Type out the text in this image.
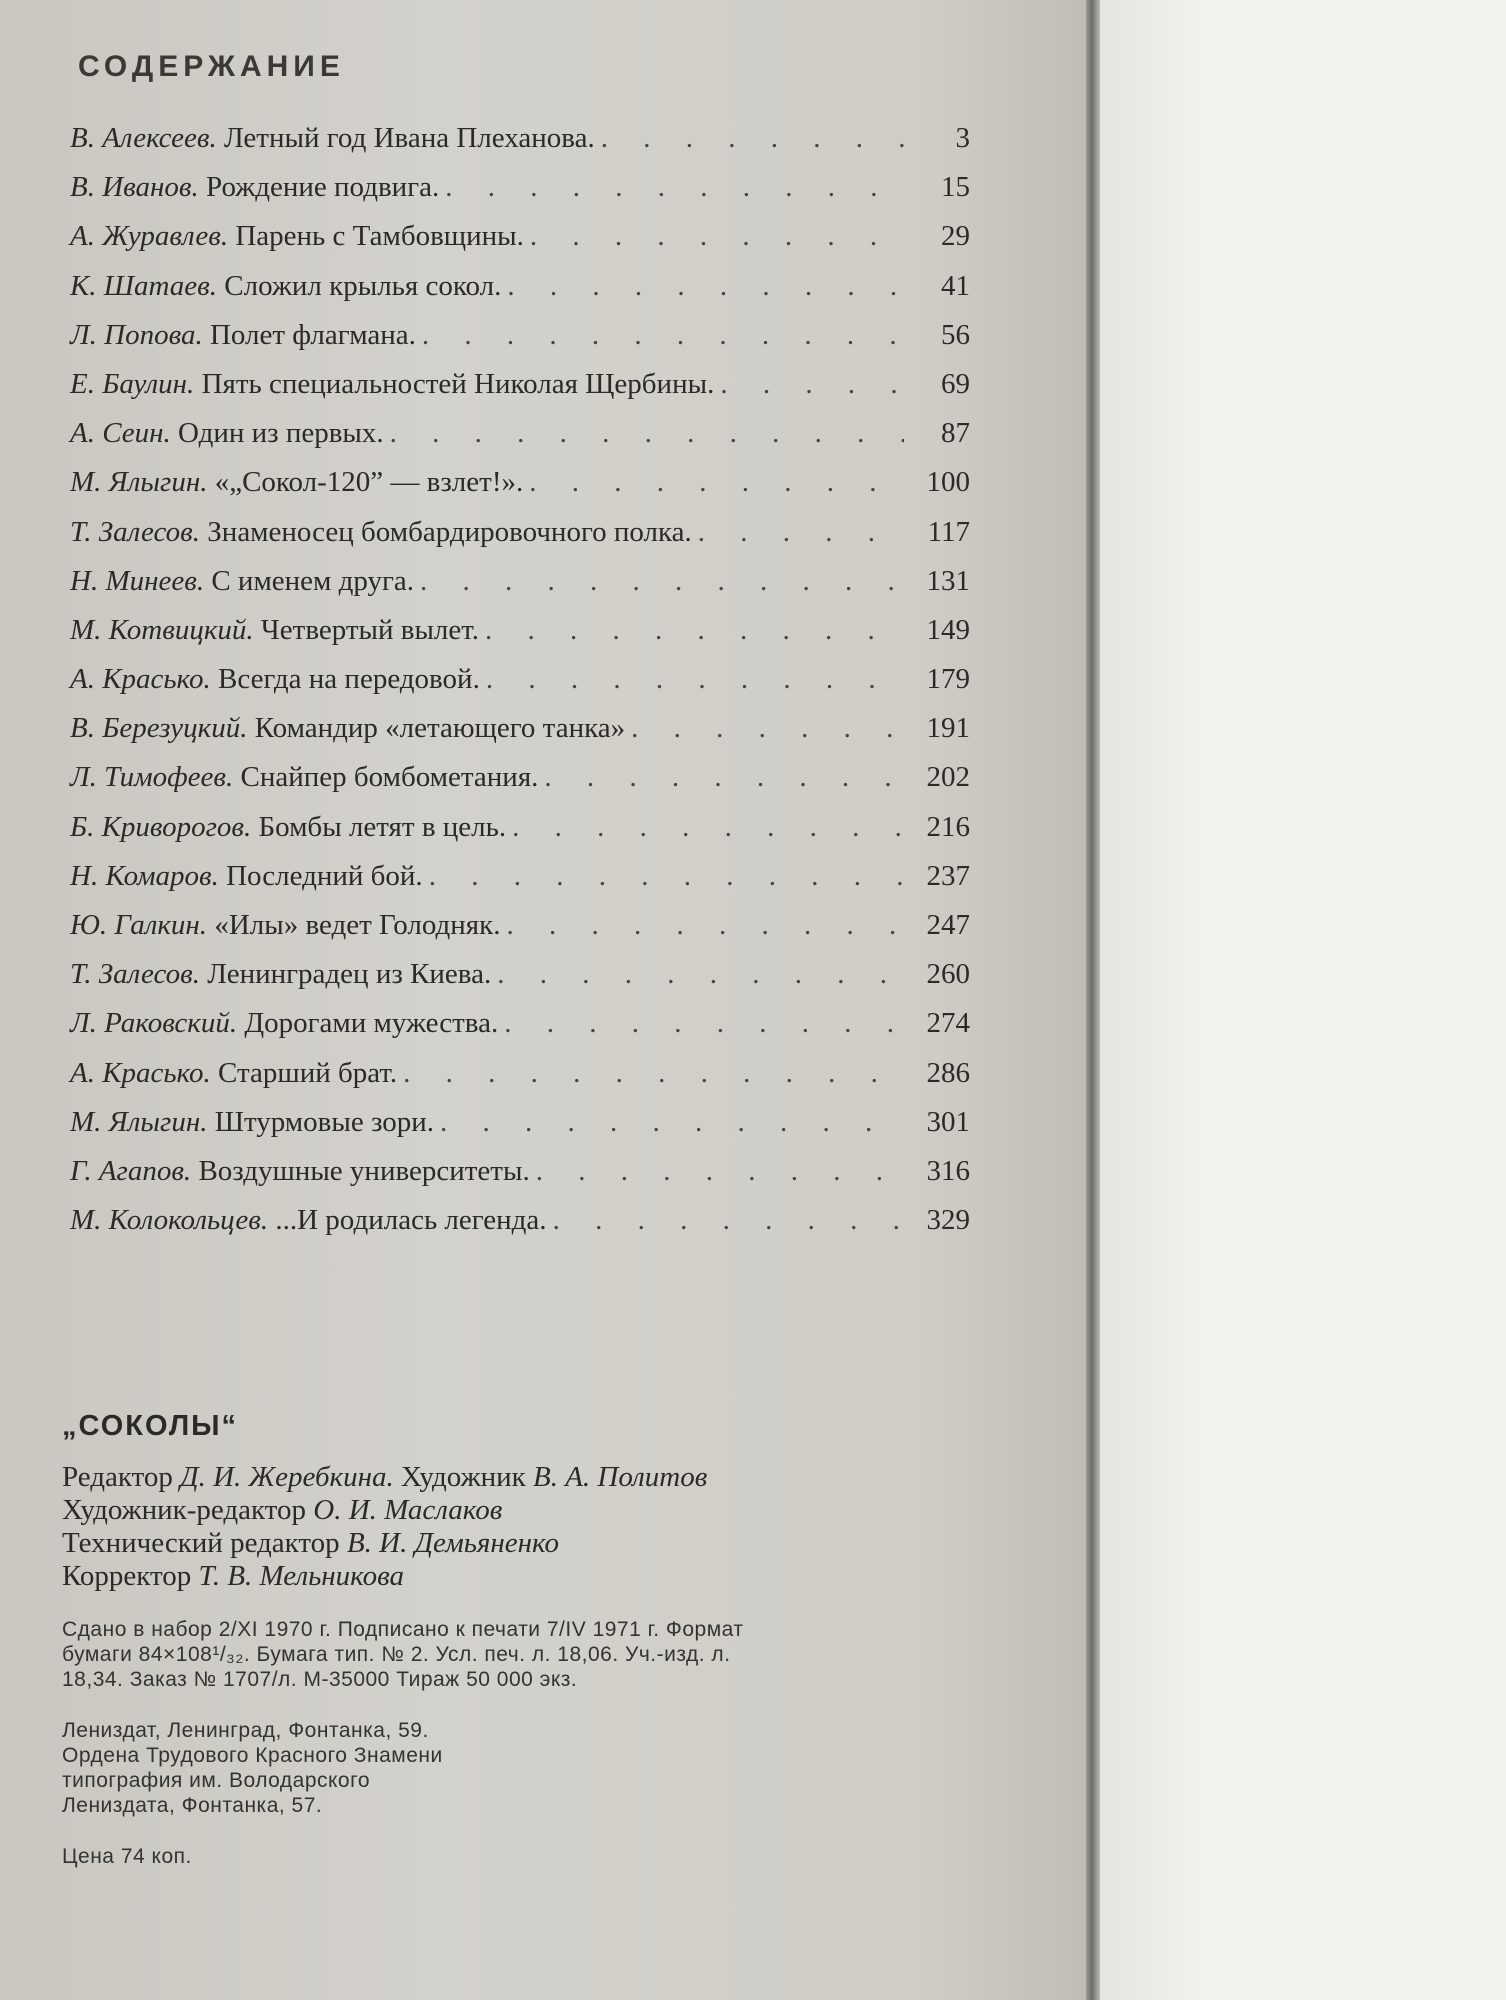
СОДЕРЖАНИЕ
В. Алексеев.
Летный год Ивана Плеханова. . . .	3
В. Иванов.
Рождение подвига. . . .	15
А. Журавлев.
Парень с Тамбовщины. . . .	29
К. Шатаев.
Сложил крылья сокол. . . .	41
Л. Попова.
Полет флагмана. . . .	56
Е. Баулин.
Пять специальностей Николая Щербины. . . .	69
А. Сеин.
Один из первых. . . .	87
М. Ялыгин.
«„Сокол-120” — взлет!». . . .	100
Т. Залесов.
Знаменосец бомбардировочного полка. . . .	117
Н. Минеев.
С именем друга. . . .	131
М. Котвицкий.
Четвертый вылет. . . .	149
А. Красько.
Всегда на передовой. . . .	179
В. Березуцкий.
Командир «летающего танка» . . .	191
Л. Тимофеев.
Снайпер бомбометания. . . .	202
Б. Криворогов.
Бомбы летят в цель. . . .	216
Н. Комаров.
Последний бой. . . .	237
Ю. Галкин.
«Илы» ведет Голодняк. . . .	247
Т. Залесов.
Ленинградец из Киева. . . .	260
Л. Раковский.
Дорогами мужества. . . .	274
А. Красько.
Старший брат. . . .	286
М. Ялыгин.
Штурмовые зори. . . .	301
Г. Агапов.
Воздушные университеты. . . .	316
М. Колокольцев.
...И родилась легенда. . . .	329
„СОКОЛЫ“
Редактор Д. И. Жеребкина. Художник В. А. Политов
Художник-редактор О. И. Маслаков
Технический редактор В. И. Демьяненко
Корректор Т. В. Мельникова
Сдано в набор 2/XI 1970 г. Подписано к печати 7/IV 1971 г. Формат
бумаги 84×108¹/₃₂. Бумага тип. № 2. Усл. печ. л. 18,06. Уч.-изд. л.
18,34. Заказ № 1707/л. М-35000 Тираж 50 000 экз.
Лениздат, Ленинград, Фонтанка, 59.
Ордена Трудового Красного Знамени
типография им. Володарского
Лениздата, Фонтанка, 57.
Цена 74 коп.
